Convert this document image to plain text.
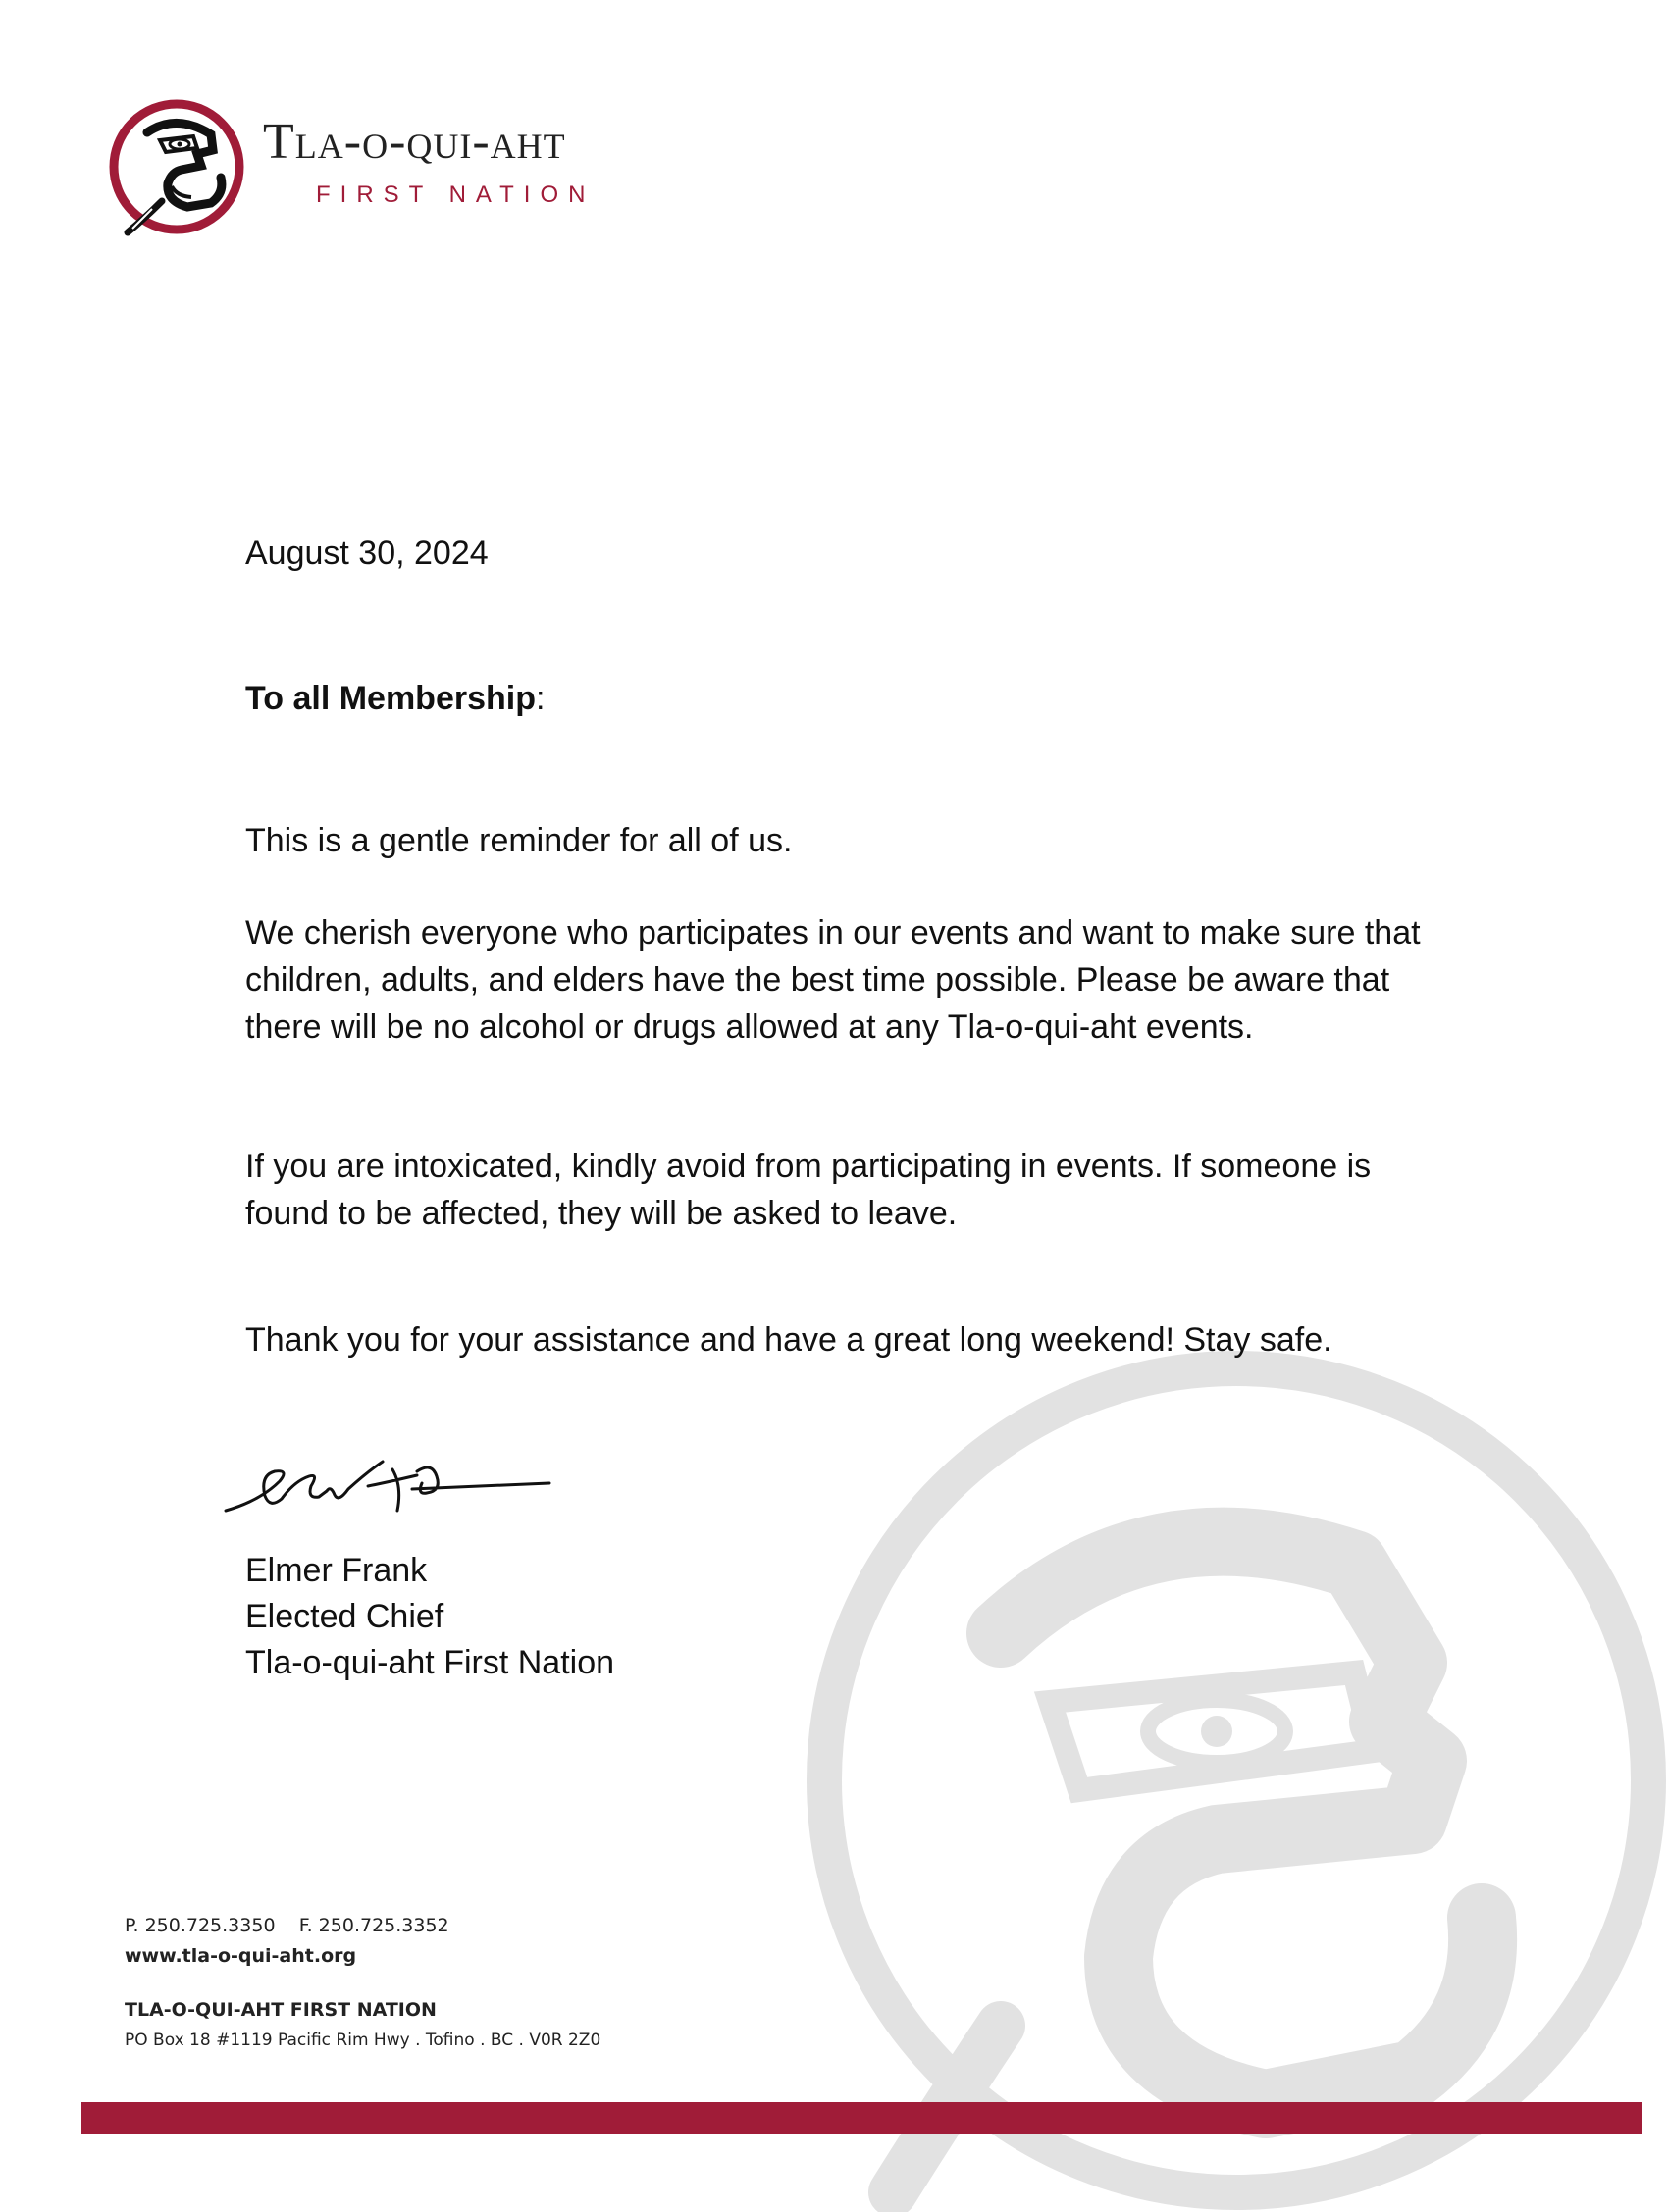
Tla-o-qui-aht
FIRST NATION
August 30, 2024
To all Membership:
This is a gentle reminder for all of us.
We cherish everyone who participates in our events and want to make sure that children, adults, and elders have the best time possible. Please be aware that there will be no alcohol or drugs allowed at any Tla-o-qui-aht events.
If you are intoxicated, kindly avoid from participating in events. If someone is found to be affected, they will be asked to leave.
Thank you for your assistance and have a great long weekend! Stay safe.
Elmer Frank
Elected Chief
Tla-o-qui-aht First Nation
P. 250.725.3350 F. 250.725.3352
www.tla-o-qui-aht.org
TLA-O-QUI-AHT FIRST NATION
PO Box 18 #1119 Pacific Rim Hwy . Tofino . BC . V0R 2Z0
